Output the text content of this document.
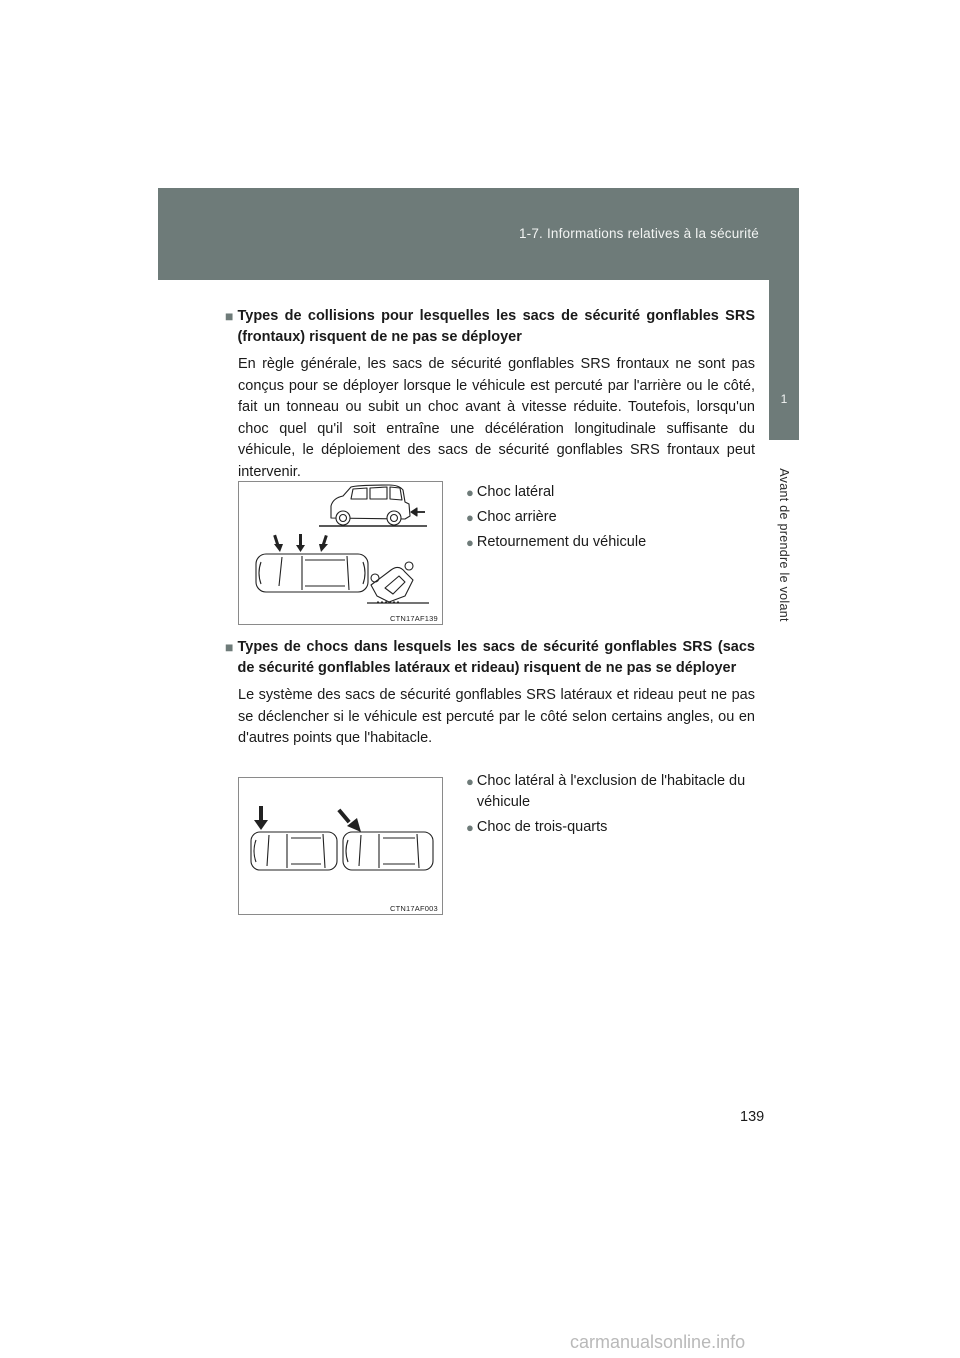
1-7. Informations relatives à la sécurité
1
Avant de prendre le volant
■ Types de collisions pour lesquelles les sacs de sécurité gonflables SRS (frontaux) risquent de ne pas se déployer
En règle générale, les sacs de sécurité gonflables SRS frontaux ne sont pas conçus pour se déployer lorsque le véhicule est percuté par l'arrière ou le côté, fait un tonneau ou subit un choc avant à vitesse réduite. Toutefois, lorsqu'un choc quel qu'il soit entraîne une décélération longitudinale suffisante du véhicule, le déploiement des sacs de sécurité gonflables SRS frontaux peut intervenir.
CTN17AF139
● Choc latéral
● Choc arrière
● Retournement du véhicule
■ Types de chocs dans lesquels les sacs de sécurité gonflables SRS (sacs de sécurité gonflables latéraux et rideau) risquent de ne pas se déployer
Le système des sacs de sécurité gonflables SRS latéraux et rideau peut ne pas se déclencher si le véhicule est percuté par le côté selon certains angles, ou en d'autres points que l'habitacle.
CTN17AF003
● Choc latéral à l'exclusion de l'habitacle du véhicule
● Choc de trois-quarts
139
carmanualsonline.info
